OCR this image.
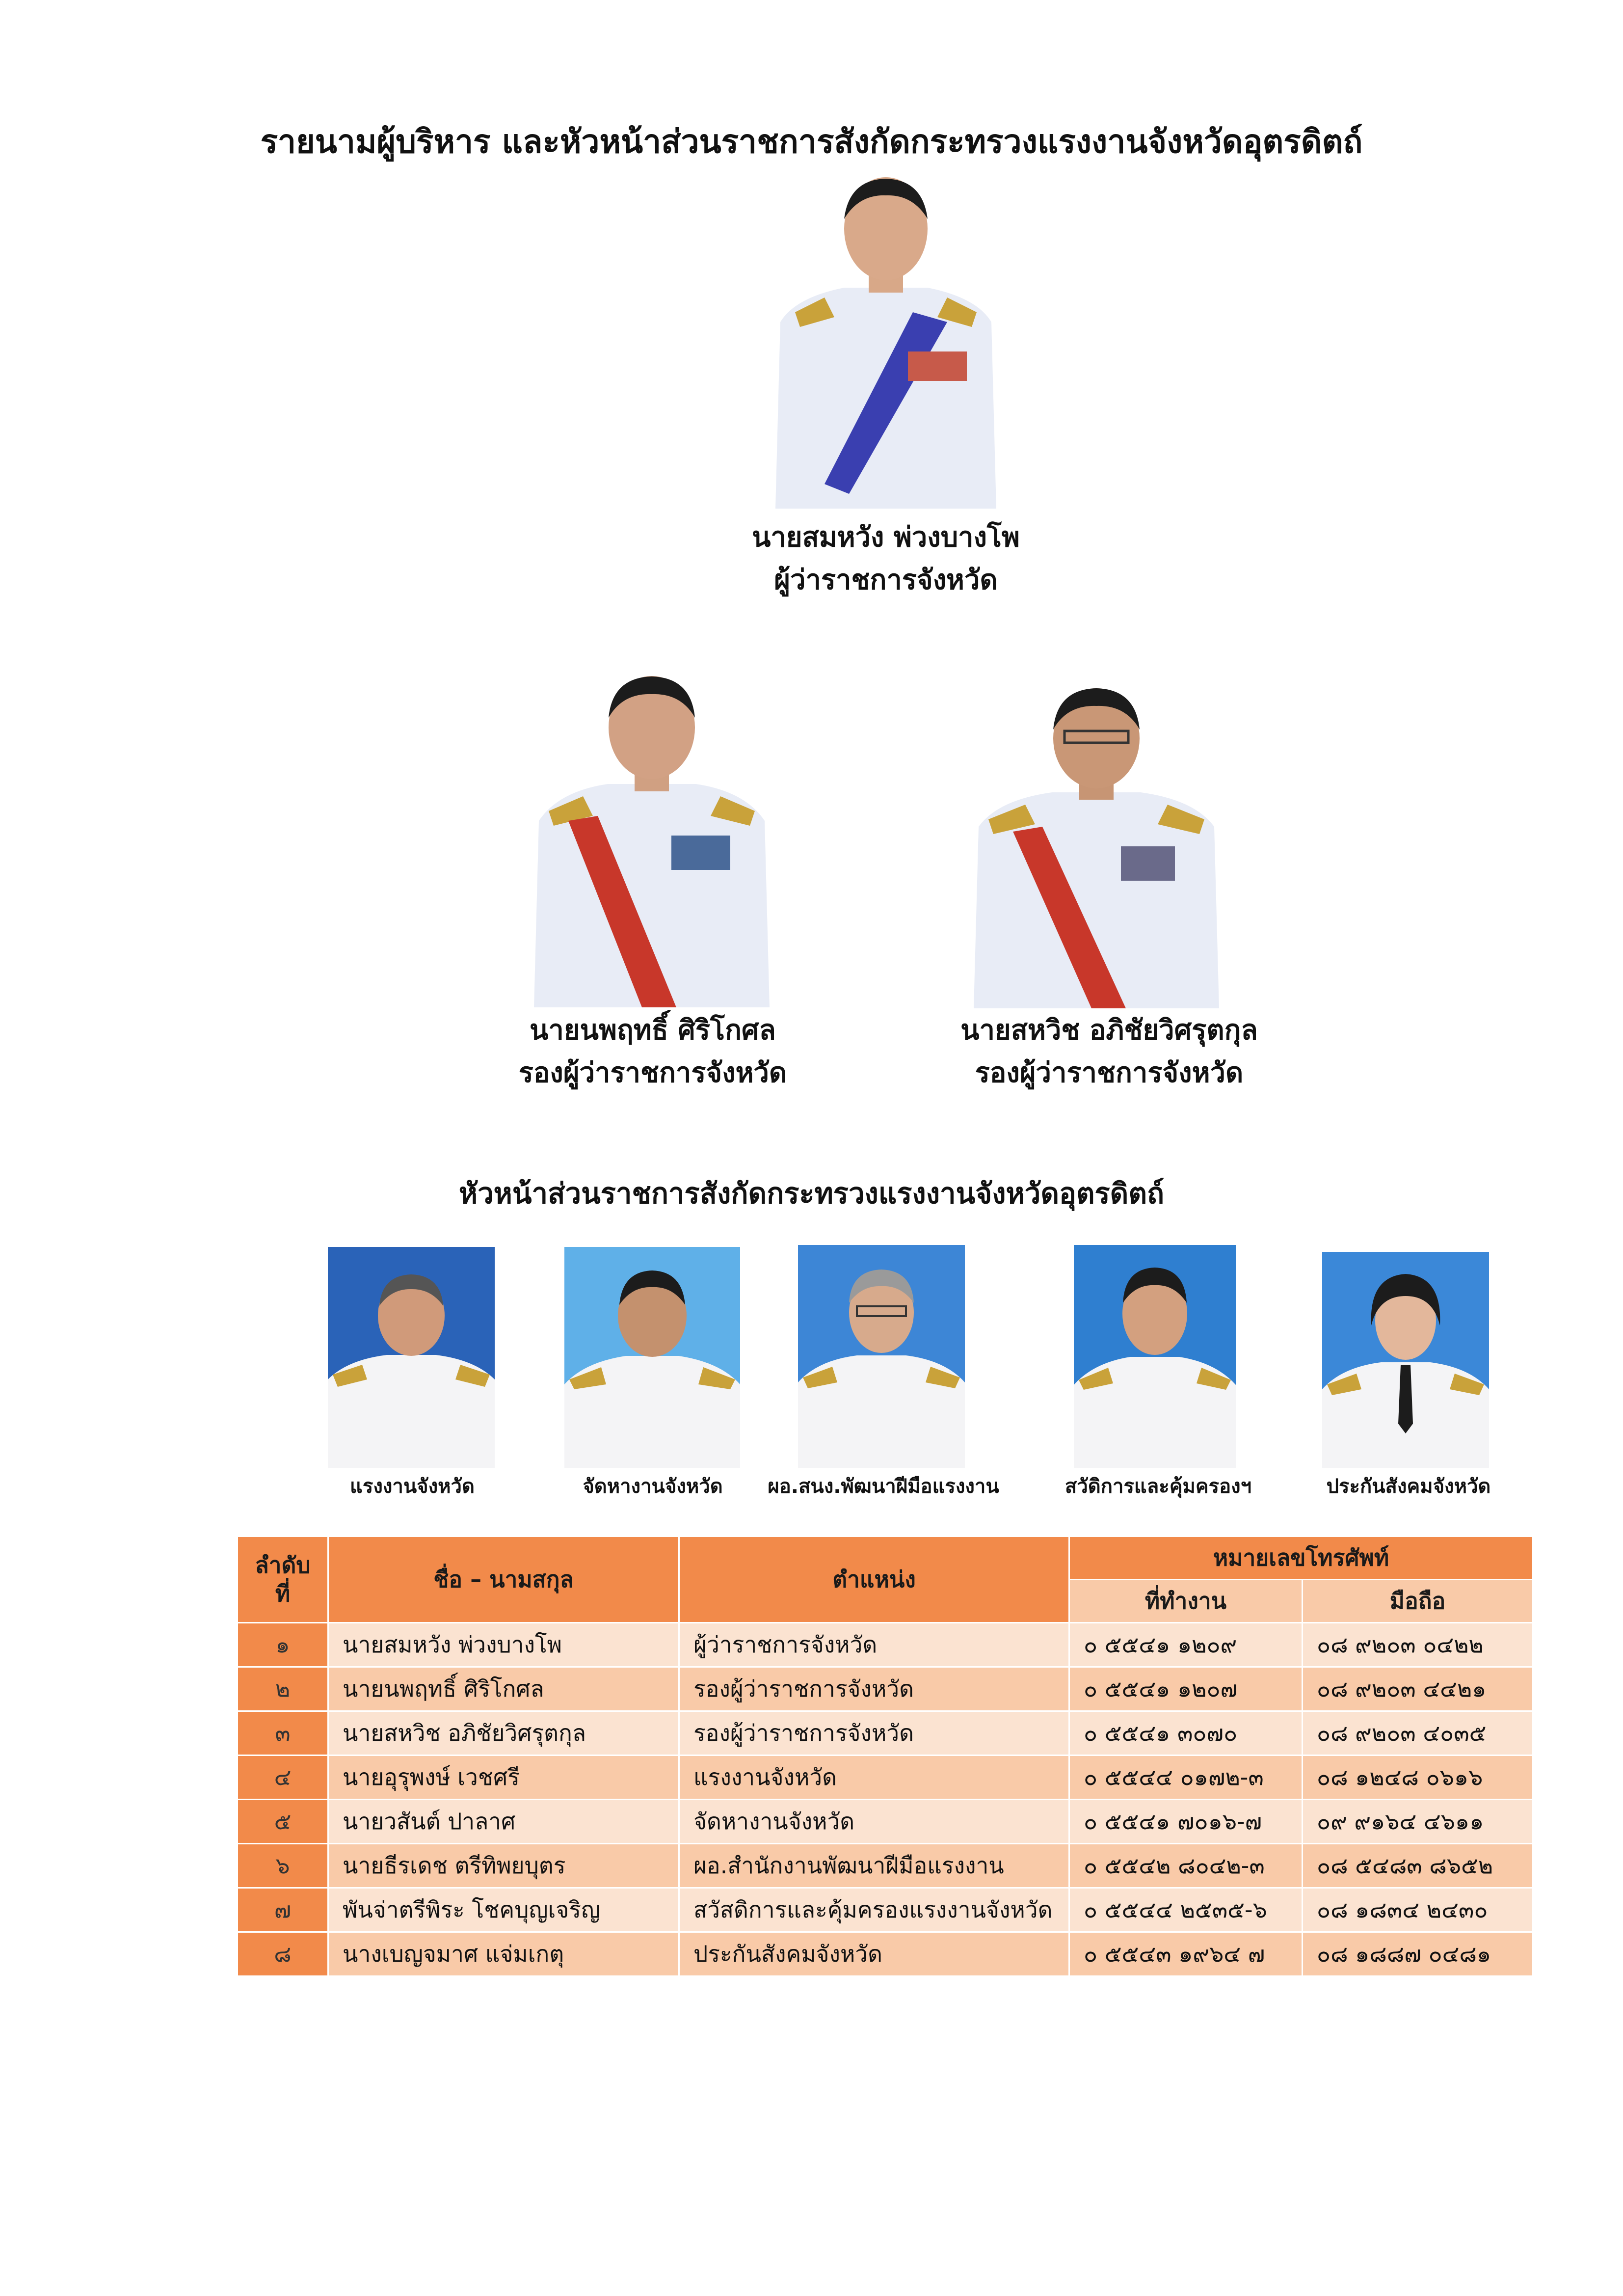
รายนามผู้บริหาร และหัวหน้าส่วนราชการสังกัดกระทรวงแรงงานจังหวัดอุตรดิตถ์
นายสมหวัง พ่วงบางโพ
ผู้ว่าราชการจังหวัด
นายนพฤทธิ์ ศิริโกศล
รองผู้ว่าราชการจังหวัด
นายสหวิช อภิชัยวิศรุตกุล
รองผู้ว่าราชการจังหวัด
หัวหน้าส่วนราชการสังกัดกระทรวงแรงงานจังหวัดอุตรดิตถ์
แรงงานจังหวัด	จัดหางานจังหวัด	ผอ.สนง.พัฒนาฝีมือแรงงาน	สวัดิการและคุ้มครองฯ	ประกันสังคมจังหวัด
ลำดับ
ที่	ชื่อ – นามสกุล	ตำแหน่ง	หมายเลขโทรศัพท์	
			ที่ทำงาน	มือถือ
๑	นายสมหวัง พ่วงบางโพ	ผู้ว่าราชการจังหวัด	๐ ๕๕๔๑ ๑๒๐๙	๐๘ ๙๒๐๓ ๐๔๒๒
๒	นายนพฤทธิ์ ศิริโกศล	รองผู้ว่าราชการจังหวัด	๐ ๕๕๔๑ ๑๒๐๗	๐๘ ๙๒๐๓ ๔๔๒๑
๓	นายสหวิช อภิชัยวิศรุตกุล	รองผู้ว่าราชการจังหวัด	๐ ๕๕๔๑ ๓๐๗๐	๐๘ ๙๒๐๓ ๔๐๓๕
๔	นายอุรุพงษ์ เวชศรี	แรงงานจังหวัด	๐ ๕๕๔๔ ๐๑๗๒-๓	๐๘ ๑๒๔๘ ๐๖๑๖
๕	นายวสันต์ ปาลาศ	จัดหางานจังหวัด	๐ ๕๕๔๑ ๗๐๑๖-๗	๐๙ ๙๑๖๔ ๔๖๑๑
๖	นายธีรเดช ตรีทิพยบุตร	ผอ.สำนักงานพัฒนาฝีมือแรงงาน	๐ ๕๕๔๒ ๘๐๔๒-๓	๐๘ ๕๔๘๓ ๘๖๕๒
๗	พันจ่าตรีพิระ โชคบุญเจริญ	สวัสดิการและคุ้มครองแรงงานจังหวัด	๐ ๕๕๔๔ ๒๕๓๕-๖	๐๘ ๑๘๓๔ ๒๔๓๐
๘	นางเบญจมาศ แจ่มเกตุ	ประกันสังคมจังหวัด	๐ ๕๕๔๓ ๑๙๖๔ ๗	๐๘ ๑๘๘๗ ๐๔๘๑
